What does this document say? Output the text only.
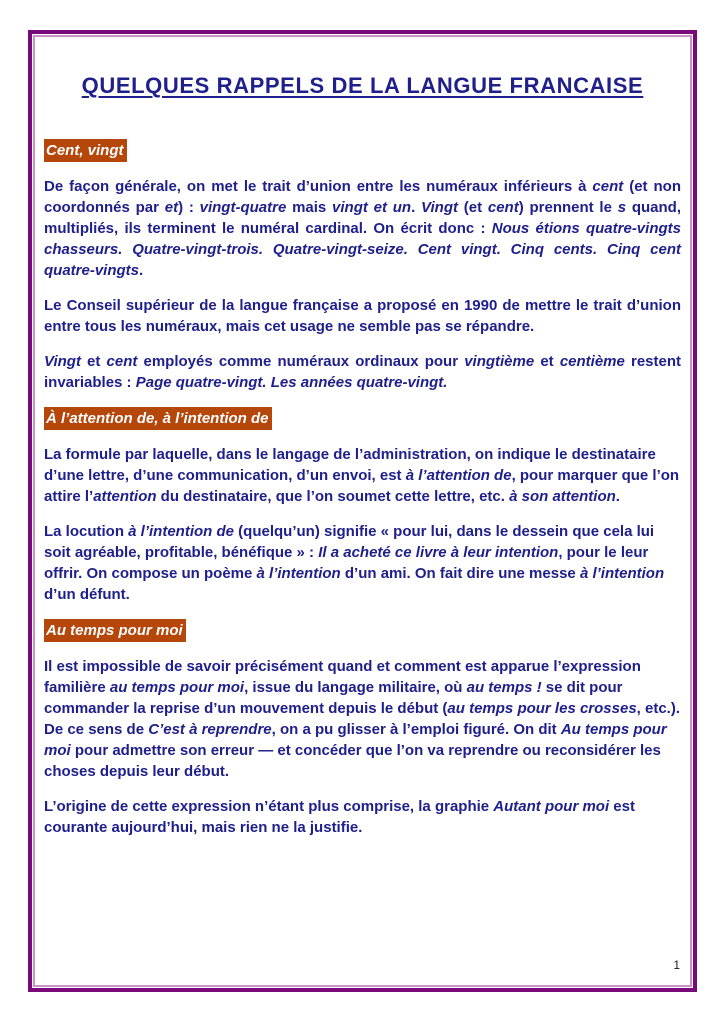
QUELQUES RAPPELS DE LA LANGUE FRANCAISE
Cent, vingt

De façon générale, on met le trait d’union entre les numéraux inférieurs à cent (et non coordonnés par et) : vingt-quatre mais vingt et un. Vingt (et cent) prennent le s quand, multipliés, ils terminent le numéral cardinal. On écrit donc : Nous étions quatre-vingts chasseurs. Quatre-vingt-trois. Quatre-vingt-seize. Cent vingt. Cinq cents. Cinq cent quatre-vingts.

Le Conseil supérieur de la langue française a proposé en 1990 de mettre le trait d’union entre tous les numéraux, mais cet usage ne semble pas se répandre.

Vingt et cent employés comme numéraux ordinaux pour vingtième et centième restent invariables : Page quatre-vingt. Les années quatre-vingt.

À l’attention de, à l’intention de

La formule par laquelle, dans le langage de l’administration, on indique le destinataire d’une lettre, d’une communication, d’un envoi, est à l’attention de, pour marquer que l’on attire l’attention du destinataire, que l’on soumet cette lettre, etc. à son attention.

La locution à l’intention de (quelqu’un) signifie « pour lui, dans le dessein que cela lui soit agréable, profitable, bénéfique » : Il a acheté ce livre à leur intention, pour le leur offrir. On compose un poème à l’intention d’un ami. On fait dire une messe à l’intention d’un défunt.

Au temps pour moi

Il est impossible de savoir précisément quand et comment est apparue l’expression familière au temps pour moi, issue du langage militaire, où au temps ! se dit pour commander la reprise d’un mouvement depuis le début (au temps pour les crosses, etc.). De ce sens de C’est à reprendre, on a pu glisser à l’emploi figuré. On dit Au temps pour moi pour admettre son erreur — et concéder que l’on va reprendre ou reconsidérer les choses depuis leur début.

L’origine de cette expression n’étant plus comprise, la graphie Autant pour moi est courante aujourd’hui, mais rien ne la justifie.

1
